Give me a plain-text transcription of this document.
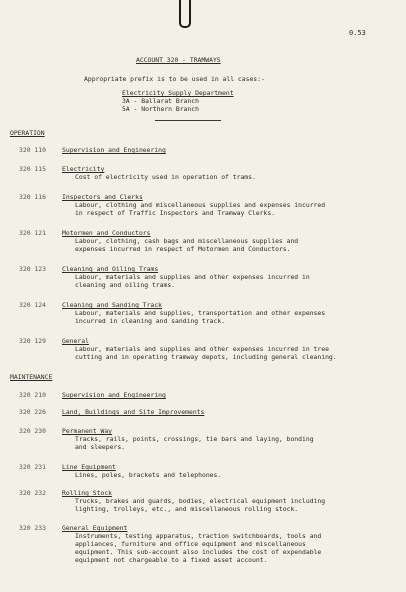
0.53
ACCOUNT 320 - TRAMWAYS
Appropriate prefix is to be used in all cases:-
Electricity Supply Department
3A - Ballarat Branch
5A - Northern Branch
OPERATION
320 110	Supervision and Engineering
320 115	Electricity
Cost of electricity used in operation of trams.
320 116	Inspectors and Clerks
Labour, clothing and miscellaneous supplies and expenses incurred
in respect of Traffic Inspectors and Tramway Clerks.
320 121	Motormen and Conductors
Labour, clothing, cash bags and miscellaneous supplies and
expenses incurred in respect of Motormen and Conductors.
320 123	Cleaning and Oiling Trams
Labour, materials and supplies and other expenses incurred in
cleaning and oiling trams.
320 124	Cleaning and Sanding Track
Labour, materials and supplies, transportation and other expenses
incurred in cleaning and sanding track.
320 129	General
Labour, materials and supplies and other expenses incurred in tree
cutting and in operating tramway depots, including general cleaning.
MAINTENANCE
320 210	Supervision and Engineering
320 226	Land, Buildings and Site Improvements
320 230	Permanent Way
Tracks, rails, points, crossings, tie bars and laying, bonding
and sleepers.
320 231	Line Equipment
Lines, poles, brackets and telephones.
320 232	Rolling Stock
Trucks, brakes and guards, bodies, electrical equipment including
lighting, trolleys, etc., and miscellaneous rolling stock.
320 233	General Equipment
Instruments, testing apparatus, traction switchboards, tools and
appliances, furniture and office equipment and miscellaneous
equipment. This sub-account also includes the cost of expendable
equipment not chargeable to a fixed asset account.
